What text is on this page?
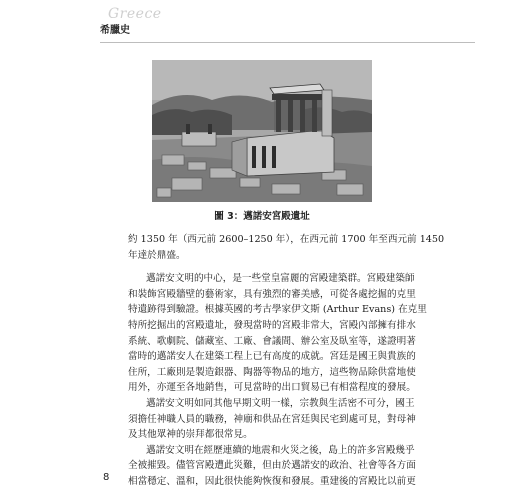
Greece
希臘史
圖 3：邁諾安宮殿遺址
約 1350 年（西元前 2600–1250 年），在西元前 1700 年至西元前 1450
年達於鼎盛。
邁諾安文明的中心，是一些堂皇富麗的宮殿建築群。宮殿建築師
和裝飾宮殿牆壁的藝術家，具有強烈的審美感，可從各處挖掘的克里
特遺跡得到驗證。根據英國的考古學家伊文斯 (Arthur Evans) 在克里
特所挖掘出的宮殿遺址，發現當時的宮殿非常大，宮殿內部擁有排水
系統、歌劇院、儲藏室、工廠、會議間、辦公室及臥室等，遂證明著
當時的邁諾安人在建築工程上已有高度的成就。宮廷是國王與貴族的
住所，工廠則是製造銀器、陶器等物品的地方，這些物品除供當地使
用外，亦運至各地銷售，可見當時的出口貿易已有相當程度的發展。
邁諾安文明如同其他早期文明一樣，宗教與生活密不可分，國王
須擔任神職人員的職務，神廟和供品在宮廷與民宅到處可見，對母神
及其他眾神的崇拜都很常見。
邁諾安文明在經歷連續的地震和火災之後，島上的許多宮殿幾乎
全被摧毀。儘管宮殿遭此災難，但由於邁諾安的政治、社會等各方面
相當穩定、溫和，因此很快能夠恢復和發展。重建後的宮殿比以前更
8
